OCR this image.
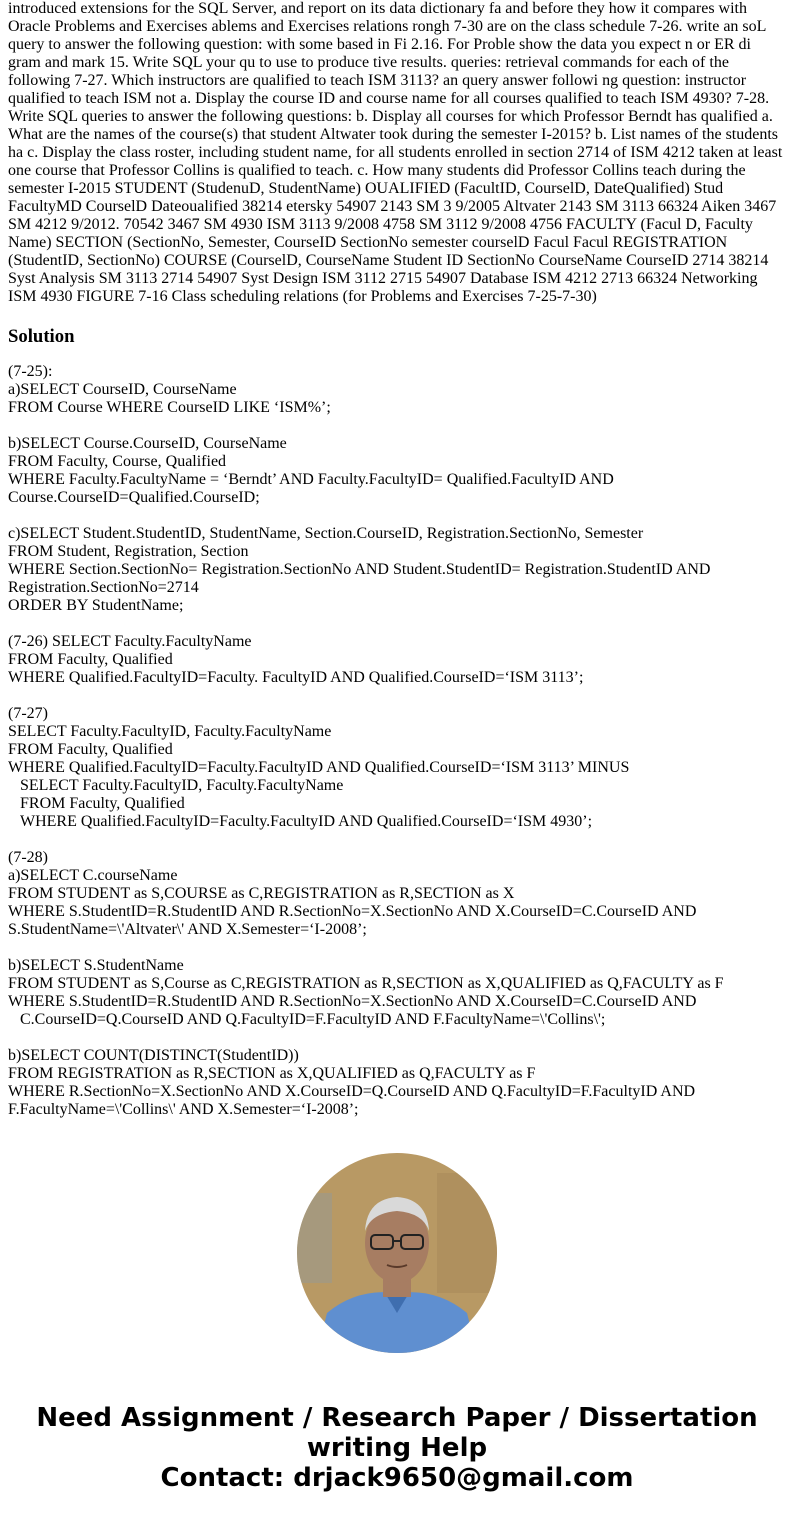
introduced extensions for the SQL Server, and report on its data dictionary fa and before they how it compares with Oracle Problems and Exercises ablems and Exercises relations rongh 7-30 are on the class schedule 7-26. write an soL query to answer the following question: with some based in Fi 2.16. For Proble show the data you expect n or ER di gram and mark 15. Write SQL your qu to use to produce tive results. queries: retrieval commands for each of the following 7-27. Which instructors are qualified to teach ISM 3113? an query answer followi ng question: instructor qualified to teach ISM not a. Display the course ID and course name for all courses qualified to teach ISM 4930? 7-28. Write SQL queries to answer the following questions: b. Display all courses for which Professor Berndt has qualified a. What are the names of the course(s) that student Altwater took during the semester I-2015? b. List names of the students ha c. Display the class roster, including student name, for all students enrolled in section 2714 of ISM 4212 taken at least one course that Professor Collins is qualified to teach. c. How many students did Professor Collins teach during the semester I-2015 STUDENT (StudenuD, StudentName) OUALIFIED (FacultID, CourselD, DateQualified) Stud FacultyMD CourselD Dateoualified 38214 etersky 54907 2143 SM 3 9/2005 Altvater 2143 SM 3113 66324 Aiken 3467 SM 4212 9/2012. 70542 3467 SM 4930 ISM 3113 9/2008 4758 SM 3112 9/2008 4756 FACULTY (Facul D, Faculty Name) SECTION (SectionNo, Semester, CourseID SectionNo semester courselD Facul Facul REGISTRATION (StudentID, SectionNo) COURSE (CourselD, CourseName Student ID SectionNo CourseName CourseID 2714 38214 Syst Analysis SM 3113 2714 54907 Syst Design ISM 3112 2715 54907 Database ISM 4212 2713 66324 Networking ISM 4930 FIGURE 7-16 Class scheduling relations (for Problems and Exercises 7-25-7-30)

Solution
(7-25):
a)SELECT CourseID, CourseName
FROM Course WHERE CourseID LIKE ‘ISM%’;
b)SELECT Course.CourseID, CourseName
FROM Faculty, Course, Qualified
WHERE Faculty.FacultyName = ‘Berndt’ AND Faculty.FacultyID= Qualified.FacultyID AND
Course.CourseID=Qualified.CourseID;
c)SELECT Student.StudentID, StudentName, Section.CourseID, Registration.SectionNo, Semester
FROM Student, Registration, Section
WHERE Section.SectionNo= Registration.SectionNo AND Student.StudentID= Registration.StudentID AND
Registration.SectionNo=2714
ORDER BY StudentName;
(7-26) SELECT Faculty.FacultyName
FROM Faculty, Qualified
WHERE Qualified.FacultyID=Faculty. FacultyID AND Qualified.CourseID=‘ISM 3113’;
(7-27)
SELECT Faculty.FacultyID, Faculty.FacultyName
FROM Faculty, Qualified
WHERE Qualified.FacultyID=Faculty.FacultyID AND Qualified.CourseID=‘ISM 3113’ MINUS
SELECT Faculty.FacultyID, Faculty.FacultyName
FROM Faculty, Qualified
WHERE Qualified.FacultyID=Faculty.FacultyID AND Qualified.CourseID=‘ISM 4930’;
(7-28)
a)SELECT C.courseName
FROM STUDENT as S,COURSE as C,REGISTRATION as R,SECTION as X
WHERE S.StudentID=R.StudentID AND R.SectionNo=X.SectionNo AND X.CourseID=C.CourseID AND
S.StudentName=\'Altvater\' AND X.Semester=‘I-2008’;
b)SELECT S.StudentName
FROM STUDENT as S,Course as C,REGISTRATION as R,SECTION as X,QUALIFIED as Q,FACULTY as F
WHERE S.StudentID=R.StudentID AND R.SectionNo=X.SectionNo AND X.CourseID=C.CourseID AND
C.CourseID=Q.CourseID AND Q.FacultyID=F.FacultyID AND F.FacultyName=\'Collins\';
b)SELECT COUNT(DISTINCT(StudentID))
FROM REGISTRATION as R,SECTION as X,QUALIFIED as Q,FACULTY as F
WHERE R.SectionNo=X.SectionNo AND X.CourseID=Q.CourseID AND Q.FacultyID=F.FacultyID AND
F.FacultyName=\'Collins\' AND X.Semester=‘I-2008’;
Need Assignment / Research Paper / Dissertation
writing Help
Contact: drjack9650@gmail.com
